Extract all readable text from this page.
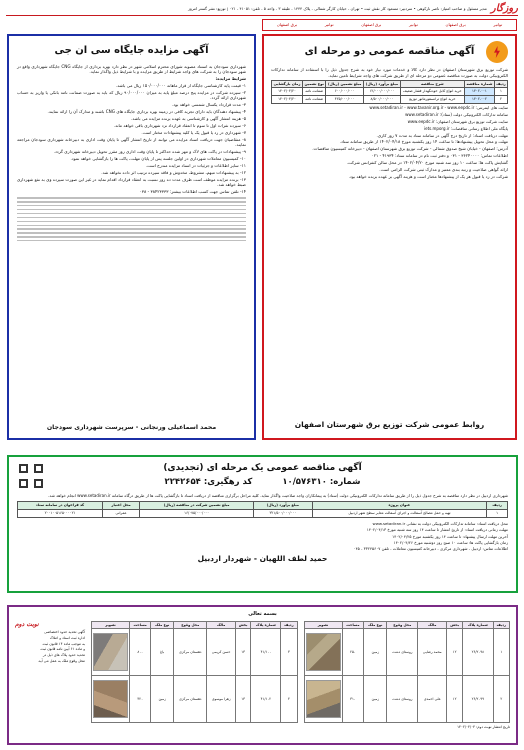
روزگار
مدیر مسئول و صاحب امتیاز: ناصر نارکوهی • سردبیر: مسعود کار نقش ثبت • تهران - خیابان کارگر شمالی - پلاک ۱۴۴۴ - طبقه ۳ - واحد ۵ - تلفن: ۴۱۰۵۱ - ۰۲۱ | توزیع: نشر گستر امروز
توانیر
برق اصفهان
توانیر
برق اصفهان
توانیر
برق اصفهان
آگهی مناقصه عمومی دو مرحله ای

شرکت توزیع برق شهرستان اصفهان در نظر دارد کالا و خدمات مورد نیاز خود به شرح جدول ذیل را با استفاده از سامانه تدارکات الکترونیکی دولت به صورت مناقصه عمومی دو مرحله ای از طریق شرکت های واجد شرایط تامین نماید.

ردیف	شماره مناقصه	شرح مناقصه	مبلغ برآورد (ریال)	مبلغ تضمین (ریال)	نوع تضمین	زمان بازگشایی
۱	۱۴۰۲-۰۰۱	خرید انواع کابل خودنگهدار فشار ضعیف	۱۲/۰۰۰/۰۰۰/۰۰۰	۶۰۰/۰۰۰/۰۰۰	ضمانت نامه	۱۴۰۲/۰۴/۲۰
۲	۱۴۰۲-۰۰۲	خرید انواع ترانسفورماتور توزیع	۸/۵۰۰/۰۰۰/۰۰۰	۴۲۵/۰۰۰/۰۰۰	ضمانت نامه	۱۴۰۲/۰۴/۲۰

سایت های اینترنتی: www.setadiran.ir - www.tavanir.org.ir - www.eepdc.ir

سامانه تدارکات الکترونیکی دولت (ستاد): www.setadiran.ir

سایت شرکت توزیع برق شهرستان اصفهان: www.eepdc.ir

پایگاه ملی اطلاع رسانی مناقصات: iets.mporg.ir

مهلت دریافت اسناد: از تاریخ درج آگهی در سامانه ستاد به مدت ۷ روز کاری.

مهلت و محل تحویل پیشنهادها: تا ساعت ۱۴ روز یکشنبه مورخ ۱۴۰۲/۰۴/۱۸ از طریق سامانه ستاد.

آدرس: اصفهان - خیابان شیخ صدوق شمالی - شرکت توزیع برق شهرستان اصفهان - دبیرخانه کمیسیون مناقصات.

اطلاعات تماس: ۳۶۲۴۰۰۰۰ - ۰۳۱ و دفتر ثبت نام در سامانه ستاد: ۴۱۹۳۴ - ۰۲۱

گشایش پاکت ها: ساعت ۱۰ روز سه شنبه مورخ ۱۴۰۲/۰۴/۲۰ در محل سالن کنفرانس شرکت.

ارائه گواهی صلاحیت و رتبه بندی معتبر و مدارک ثبتی شرکت الزامی است.

شرکت در رد یا قبول هر یک از پیشنهادها مختار است و هزینه آگهی بر عهده برنده خواهد بود.

روابط عمومی شرکت توزیع برق شهرستان اصفهان
آگهی مزایده جایگاه سی ان جی

شهرداری سودجان به استناد مصوبه شورای محترم اسلامی شهر در نظر دارد بهره برداری از جایگاه CNG جایگاه شهرداری واقع در شهر سودجان را به شرکت های واجد شرایط از طریق مزایده و با شرایط ذیل واگذار نماید.

شرایط مزایده:

۱- قیمت پایه کارشناسی جایگاه از قرار ماهانه ۱۵۰/۰۰۰/۰۰۰ ریال می باشد.

۲- سپرده شرکت در مزایده پنج درصد مبلغ پایه به میزان ۹۰/۰۰۰/۰۰۰ ریال که باید به صورت ضمانت نامه بانکی یا واریز به حساب شهرداری ارائه گردد.

۳- مدت قرارداد یکسال شمسی خواهد بود.

۴- پیشنهاد دهندگان باید دارای تجربه کافی در زمینه بهره برداری جایگاه های CNG باشند و مدارک آن را ارائه نمایند.

۵- هزینه انتشار آگهی و کارشناسی به عهده برنده مزایده می باشد.

۶- سپرده نفرات اول تا سوم تا انعقاد قرارداد نزد شهرداری باقی خواهد ماند.

۷- شهرداری در رد یا قبول یک یا کلیه پیشنهادات مختار است.

۸- متقاضیان جهت دریافت اسناد مزایده می توانند از تاریخ انتشار آگهی تا پایان وقت اداری به دبیرخانه شهرداری سودجان مراجعه نمایند.

۹- پیشنهادات در پاکت های لاک و مهر شده حداکثر تا پایان وقت اداری روز مقرر تحویل دبیرخانه شهرداری گردد.

۱۰- کمیسیون معاملات شهرداری در اولین جلسه پس از پایان مهلت، پاکت ها را بازگشایی خواهد نمود.

۱۱- سایر اطلاعات و جزئیات در اسناد مزایده مندرج است.

۱۲- به پیشنهادات مبهم، مشروط، مخدوش و فاقد سپرده ترتیب اثر داده نخواهد شد.

۱۳- برنده مزایده موظف است ظرف مدت ده روز نسبت به انعقاد قرارداد اقدام نماید در غیر این صورت سپرده وی به نفع شهرداری ضبط خواهد شد.

۱۴- تلفن تماس جهت کسب اطلاعات بیشتر: ۳۸۴۲۳۳۳۳ - ۰۳۸

محمد اسماعیلی ورنجانی - سرپرست شهرداری سودجان
آگهی مناقصه عمومی یک مرحله ای (تجدیدی)
شماره: ۱۰/۵۷۶۳۱۰
کد رهگیری: ۲۲۴۲۶۵۴

شهرداری اردبیل در نظر دارد مناقصه به شرح جدول ذیل را از طریق سامانه تدارکات الکترونیکی دولت (ستاد) به پیمانکاران واجد صلاحیت واگذار نماید. کلیه مراحل برگزاری مناقصه از دریافت اسناد تا بازگشایی پاکت ها از طریق درگاه سامانه www.setadiran.ir انجام خواهد شد.

ردیف	عنوان پروژه	مبلغ برآورد (ریال)	مبلغ تضمین شرکت در مناقصه (ریال)	محل اعتبار	کد فراخوان در سامانه ستاد
۱	تهیه و حمل مصالح آسفالت و اجرای آسفالت معابر سطح شهر اردبیل	۳۲۱/۵۰۰/۰۰۰/۰۰۰	۱۶/۰۷۵/۰۰۰/۰۰۰	عمرانی	۲۰۰۱۰۰۵۱۶۵۰۰۰۰۲۱

محل دریافت اسناد: سامانه تدارکات الکترونیکی دولت به نشانی www.setadiran.ir

مهلت زمانی دریافت اسناد: از تاریخ انتشار تا ساعت ۱۴ روز سه شنبه مورخ ۱۴۰۲/۰۴/۱۳

آخرین مهلت ارسال پیشنهاد: تا ساعت ۱۴ روز یکشنبه مورخ ۱۴۰۲/۰۴/۲۵

زمان بازگشایی پاکت ها: ساعت ۱۰ صبح روز دوشنبه مورخ ۱۴۰۲/۰۴/۲۶

اطلاعات تماس: اردبیل - شهرداری مرکزی - دبیرخانه کمیسیون معاملات - تلفن ۳۳۲۴۵۶۰۷ - ۰۴۵

حمید لطف اللهیان - شهردار اردبیل
بسمه تعالی
ردیف	شماره پلاک	بخش	مالک	محل وقوع	نوع ملک	مساحت	تصویر
۱	۲۶/۲۰۹۸	۱۲	محمد رضایی	روستای دشت	زمین	۲۵۰	

۲	۲۶/۲۰۹۹	۱۲	علی احمدی	روستای دشت	زمین	۳۱۰	
ردیف	شماره پلاک	بخش	مالک	محل وقوع	نوع ملک	مساحت	تصویر
۳	۴۱/۱۰۰	۱۳	حسن کریمی	دهستان مرکزی	باغ	۸۰۰	

۴	۴۱/۱۰۲	۱۳	زهرا موسوی	دهستان مرکزی	زمین	۴۲۰	
نوبت دوم

آگهی تحدید حدود اختصاصی

اداره ثبت اسناد و املاک

به موجب ماده ۱۴ قانون ثبت

و ماده ۶۱ آیین نامه قانون ثبت

تحدید حدود پلاک های ذیل در

محل وقوع ملک به عمل می آید.

تاریخ انتشار نوبت دوم: ۱۴۰۲/۰۴/۰۳
